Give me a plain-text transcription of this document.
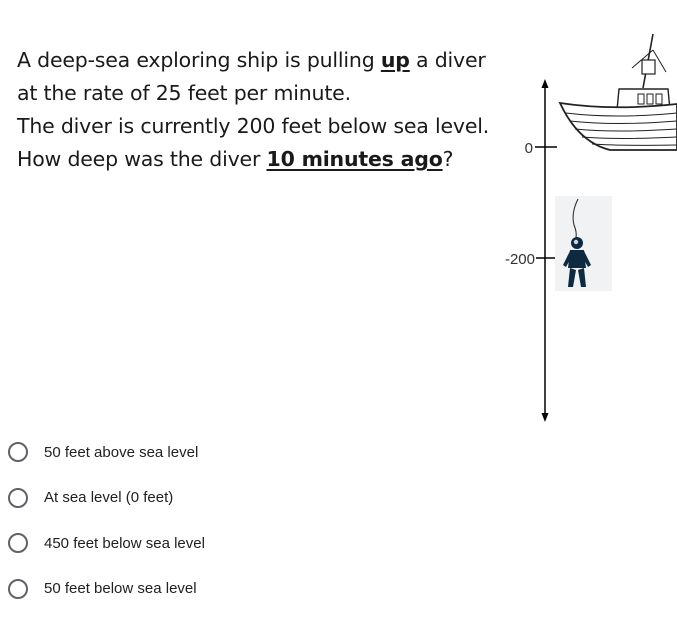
A deep-sea exploring ship is pulling up a diver
at the rate of 25 feet per minute.
The diver is currently 200 feet below sea level.
How deep was the diver 10 minutes ago?	0
-200
50 feet above sea level
At sea level (0 feet)
450 feet below sea level
50 feet below sea level
